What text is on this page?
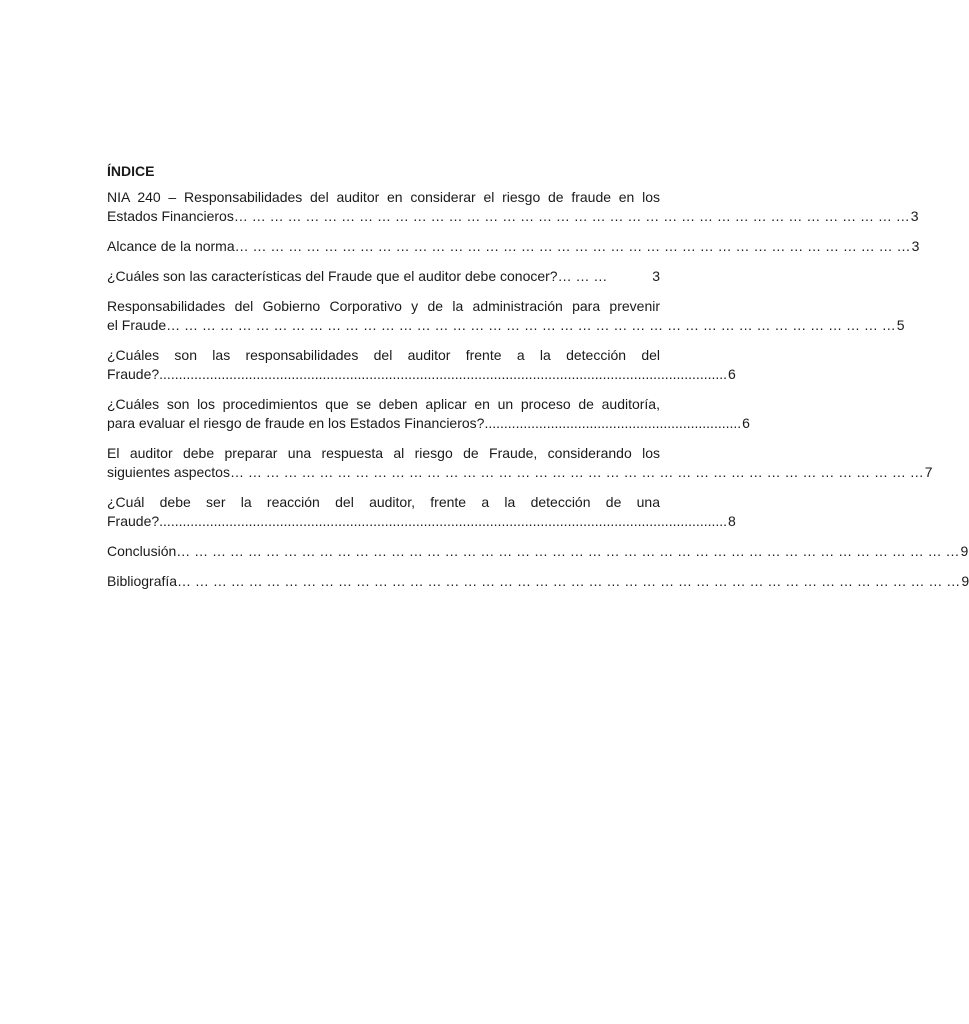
ÍNDICE
NIA 240 – Responsabilidades del auditor en considerar el riesgo de fraude en los
Estados Financieros … … … … … … … … … … … … … … … … … … … … … … … … … … … … … … … … … … … … … … 3
Alcance de la norma … … … … … … … … … … … … … … … … … … … … … … … … … … … … … … … … … … … … … … 3
¿Cuáles son las características del Fraude que el auditor debe conocer? … … …	3
Responsabilidades del Gobierno Corporativo y de la administración para prevenir
el Fraude … … … … … … … … … … … … … … … … … … … … … … … … … … … … … … … … … … … … … … … … … 5
¿Cuáles son las responsabilidades del auditor frente a la detección del
Fraude? .................................................................................................................................................. 6
¿Cuáles son los procedimientos que se deben aplicar en un proceso de auditoría,
para evaluar el riesgo de fraude en los Estados Financieros? .................................................................. 6
El auditor debe preparar una respuesta al riesgo de Fraude, considerando los
siguientes aspectos … … … … … … … … … … … … … … … … … … … … … … … … … … … … … … … … … … … … … … … 7
¿Cuál debe ser la reacción del auditor, frente a la detección de una
Fraude? .................................................................................................................................................. 8
Conclusión … … … … … … … … … … … … … … … … … … … … … … … … … … … … … … … … … … … … … … … … … … … … 9
Bibliografía … … … … … … … … … … … … … … … … … … … … … … … … … … … … … … … … … … … … … … … … … … … … 9
